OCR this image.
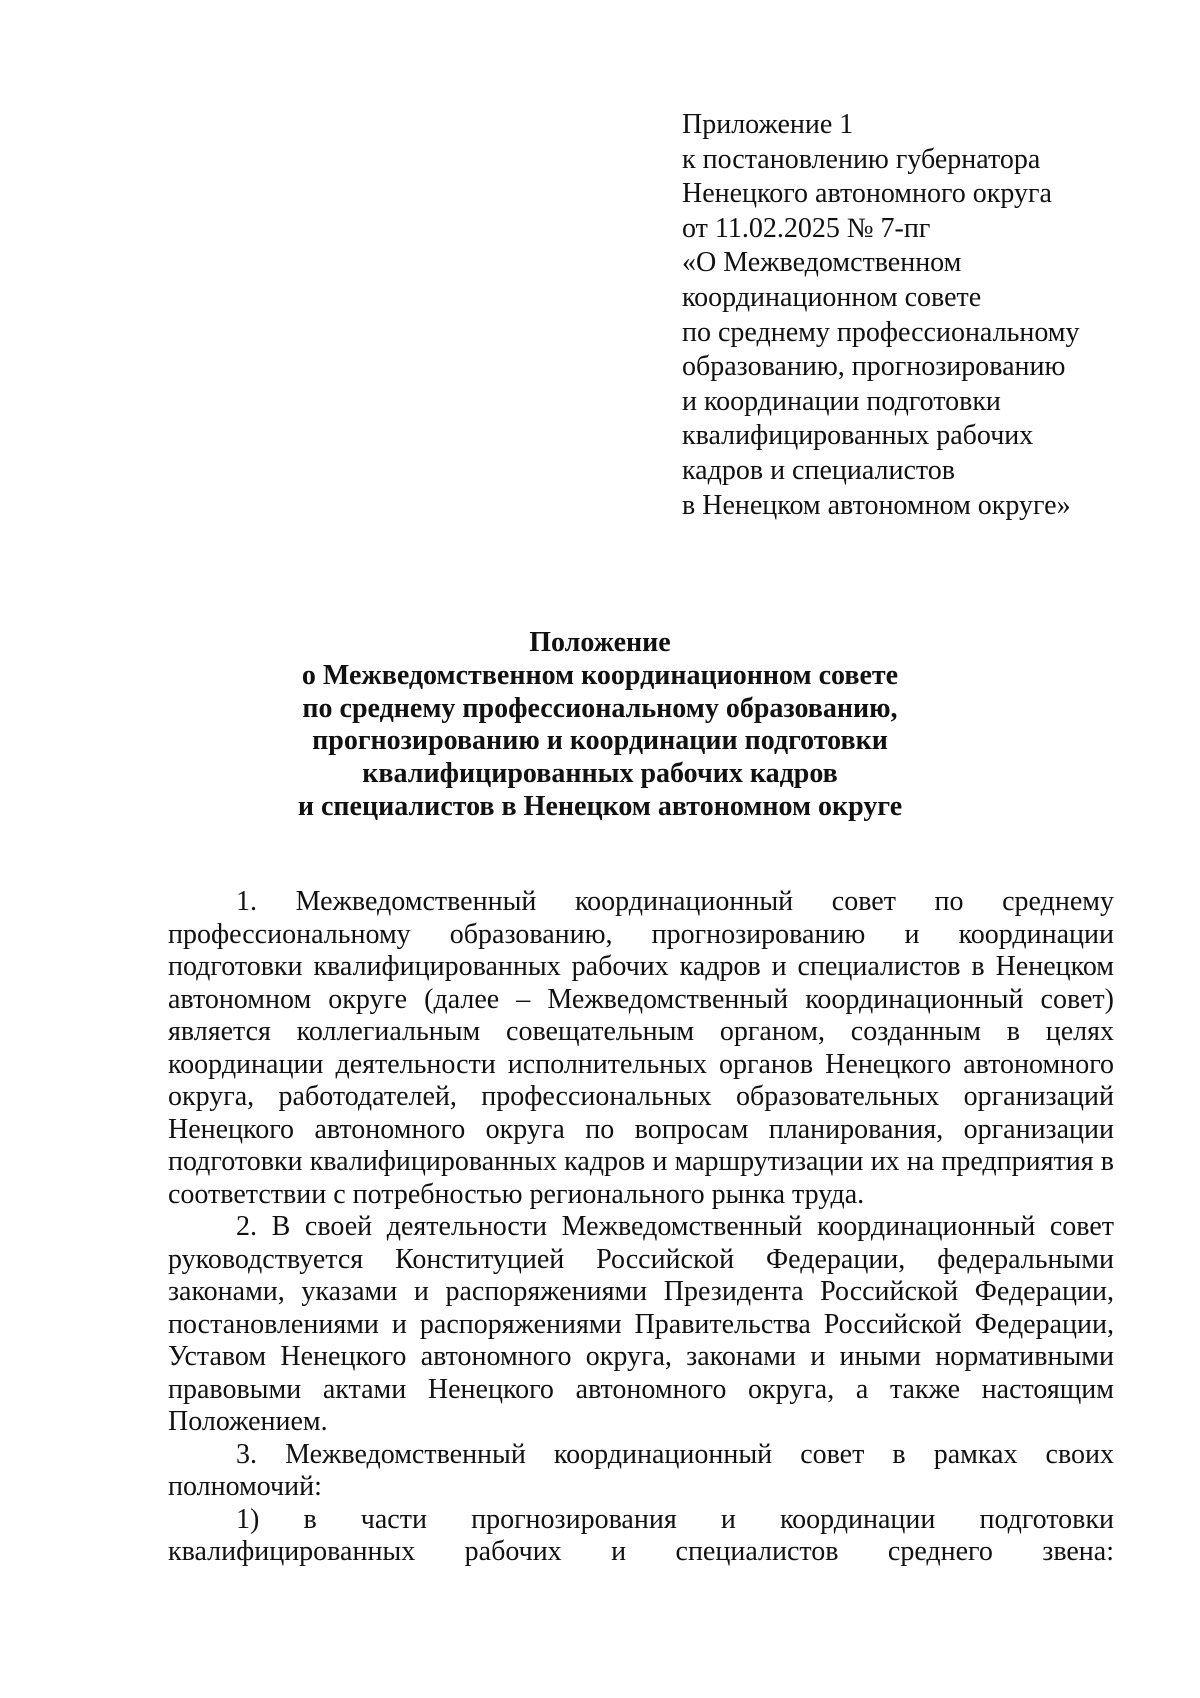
Приложение 1
к постановлению губернатора
Ненецкого автономного округа
от 11.02.2025 № 7-пг
«О Межведомственном
координационном совете
по среднему профессиональному
образованию, прогнозированию
и координации подготовки
квалифицированных рабочих
кадров и специалистов
в Ненецком автономном округе»
Положение
о Межведомственном координационном совете
по среднему профессиональному образованию,
прогнозированию и координации подготовки
квалифицированных рабочих кадров
и специалистов в Ненецком автономном округе

1. Межведомственный координационный совет по среднему профессиональному образованию, прогнозированию и координации подготовки квалифицированных рабочих кадров и специалистов в Ненецком автономном округе (далее – Межведомственный координационный совет) является коллегиальным совещательным органом, созданным в целях координации деятельности исполнительных органов Ненецкого автономного округа, работодателей, профессиональных образовательных организаций Ненецкого автономного округа по вопросам планирования, организации подготовки квалифицированных кадров и маршрутизации их на предприятия в соответствии с потребностью регионального рынка труда.

2. В своей деятельности Межведомственный координационный совет руководствуется Конституцией Российской Федерации, федеральными законами, указами и распоряжениями Президента Российской Федерации, постановлениями и распоряжениями Правительства Российской Федерации, Уставом Ненецкого автономного округа, законами и иными нормативными правовыми актами Ненецкого автономного округа, а также настоящим Положением.

3. Межведомственный координационный совет в рамках своих полномочий:

1) в части прогнозирования и координации подготовки квалифицированных рабочих и специалистов среднего звена:
